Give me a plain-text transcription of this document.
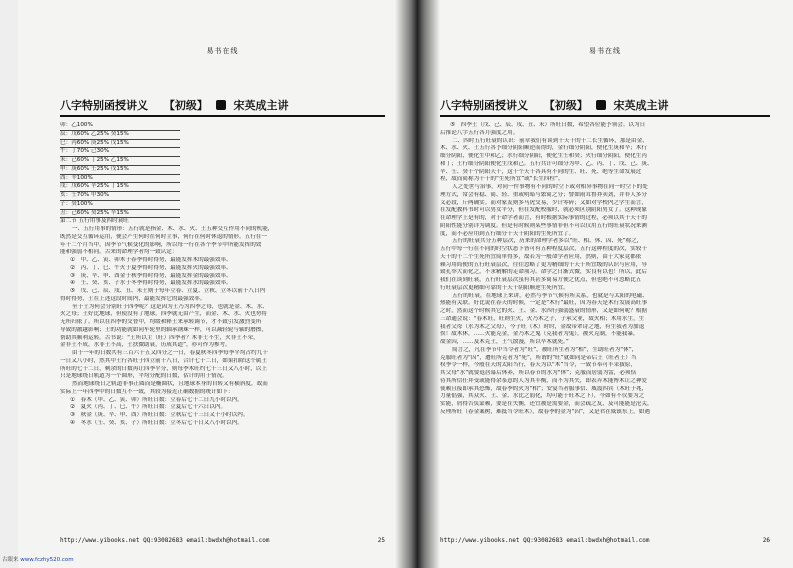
易书在线
八字特别函授讲义 【初级】 宋英成主讲

卯：乙100%

辰：戊60% 乙25% 癸15%

巳：丙60% 庚25% 戊15%

午：丁70% 己30%

未：己60% 丁25% 乙15%

申：庚60% 壬25% 戊15%

酉：辛100%

戌：戊60% 辛25% 丁15%

亥：壬70% 甲30%

子：癸100%

丑：己60% 癸25% 辛15%

第二节 五行用事及四时衰旺

一、五行用事的情形：五行就是指金、木、水、火、土五种交互作用不同的机能，

既然是交互循环运用，便会产生何时在何时主事，何行在何时休退的情形。五行在一

年十二个月当中，因季节气候变化的影响，所以每一行在各个季节中所能发挥的效

能和强弱不相同。古来的命理学者均一致认定：

①　甲、乙、寅、卯木于春季得时得势，最能发挥木的最强效率。

②　丙、丁、巳、午火于夏季得时得势，最能发挥火的最强效率。

③　庚、辛、申、酉金于秋季得时得势，最能发挥金的最强效率。

④　壬、癸、亥、子水于冬季得时得势，最能发挥水的最强效率。

⑤　戊、己、辰、戌、丑、未土则于每年立春、立夏、立秋、立冬以前十八日内

得时得势，土在上述这段时间内，最能发挥它的最强效率。

至于土为何会分别旺于四季呢？这是因为土乃为四季之母，也就是金、木、水、

火之母；土好比地球，但使没有了地球，四季就无由产生，而金、木、水、火也势将

无所归依了。所以在四季的交替中，均缓和释土来承转调节，才不致引发激烈变所

导致的激越影响；土的功能就如同车轮里的轴承钢珠一样，可以减轻轮与轴的磨擦，

帮助其顺利运转。古书说：“土所以主（旺）四季者？木非土不生，火非土不荣，

金非土不成，水非土不高，土扶微助衰，历成其道”，亦可作为参考。

由于一年的日数共有三百六十五又四分之一日，春夏秋冬四季每季平均占约九十

一日又八小时，然其中土行各旺于四立前十八日，合计七十二日，如果扣除这个属土

所旺的七十二日，剩余的日数再让四季平分，则每季木旺约七十三日又八小时，以上

只是地球绕日轨道为一个圆形，平均分配的日数，估计的用于情况。

然而地球绕日之轨道非事正圆而是椭圆状，且地球本身的自转又有横斜度，故而

实际上一年四季中的日数互不一致，其较为接近正确数据的统计如下：

①　春木（甲、乙、寅、卯）所旺日数：立春后七十二日九小时以内。

②　夏火（丙、丁、巳、午）所旺日数：立夏后七十六日以内。

③　秋金（庚、辛、申、酉）所旺日数：立秋后七十三日又十小时以内。

④　冬水（壬、癸、亥、子）所旺日数：立冬后七十日又八小时以内。

http://www.yibooks.net QQ:93082683 email:bwdxh@hotmail.com	25
易书在线
八字特别函授讲义 【初级】 宋英成主讲

⑤　四季土（戊、己、辰、戌、丑、未）所旺日数，希望各位能予领会。以为日

后推论八字五行各月强度之用。

二、四时五行旺衰的认识：前章我们有谈到十天干的十二长生循环，那是由金、

木、水、火、土五行各予细分阴阳顺逆而得的，金行细分阴阳，便化生庚和辛；木行

细分阴阳，便化生甲和乙；水行细分阴阳，便化生壬和癸；火行细分阴阳，便化生丙

和丁；土行细分阴阳便化生戊和己。五行共计可细分为甲、乙、丙、丁、戊、己、庚、

辛、壬、癸十个阴阳天干，这十个天干各具有不同的生、旺、死、绝等生命发展过

程，故而简称为十干的“生死所宜”或“长生四柱”。

人之处世与治事，对同一件事物有不同的时空下或对相异事物在同一时空下的处

理方式，常会有稳、简、轻、重或明暗与繁简之分；譬如雨茸鲁莽卖劲，并非人多分

义必段，斤两确实。而对家友则多马虎交易，少计零碎；又如对学校内之学生而言，

在发配教科书时可以男女平分，但在发配校服时，就必须区别阴阳男女了。这种现象

在命理学上是有的，对于命学者而言，有时根据实际事情的过程，必须以其十天干的

阴阳性能分别详为调度。但是有时候则某些事情非但不可以仅用五行的旺衰状况来测

度，而不必应用到五行细分十天干阴阳的生死所宜了。

五行的旺衰共分五种层次，历来的命理学者多以“旺、相、休、囚、死”称之，

五行中每一行在不同的时空状态下皆可有五种程度层次，五行这种程度的次，实较十

天干的十二个生死所宜简单得多，故若为一般命学者应用，然则，由于大家竟都依

赖习用简便的五行旺衰层次，往往忽略了更为精细的十天干所宜级的认识与应用，导

致孔举大而化之，不求精解的走命项习。命学之日渐式微，实良有以也！所以，此后

我们在谈到旺衰，五行旺衰层次虽有其甚多简易方便之优点，但也绝不可忽略比五

行旺衰层次更精细可靠的十天干阴阳顺逆生死所宜。

五行的旺衰，在地球上来讲，必然与季节气候有所关系，也就是与太阳的电磁、

热能有关联。好比说在春天的时候，一定是“木行”最旺，因为春天是木行发展高旺事

之时，然而这个时候其它的火、土、金、水四行强弱盛衰的情形，又是如何呢？根据

三命通会说：“春木旺，旺则生火，火乃木之子，子承父业，故火相；木用水生，生

我者父母（水为木之父母），今子旺（木）时时，金故带辈诗之地，有生我者为加退

俣！故木休，……火能克金，金乃木之鬼（克我者为鬼），被火克制，不能我暴，

故金囚，……及木克土，土气散漫，所以卒木就死。”

简言之，凡在季节中当令者为“旺”，被旺所生者为“相”，生助旺者为“休”，

克服旺者为“囚”，遭旺所克者为“死”，所谓的“旺”就如同是帝后王（旺者王）当

权季令一样，今般在天的太阳当行，春天为以“木”当令，一致节奉可丰采拔原，

其父母“水”就要退居幕后休养，所以春节的水为“休”；克服而居弱为雷，必须恬

待其所信任拜受或能得余茶意的人为其丰衡，而不为其失，即表弄木能博木让之神爱

使赖且接即承其恐怖，故春季的火为“相”；安宴当者服事信、威震四宾（木旺于兆，

力量倡强，其众火、土、金、水比之弱化，均可能于旺木之下），今如有不仅要为之

实能，屑得告负蒙赖，要是在失衡，还宜被是需要金，而会疏之友，及可能能是沦关，

反理所旺（春金案树，难抵当令旺木），故春季的金为“囚”，又是君在威镇东上，如遇

http://www.yibooks.net QQ:93082683 email:bwdxh@hotmail.com	26
古眼来 www.fczhy520.com
